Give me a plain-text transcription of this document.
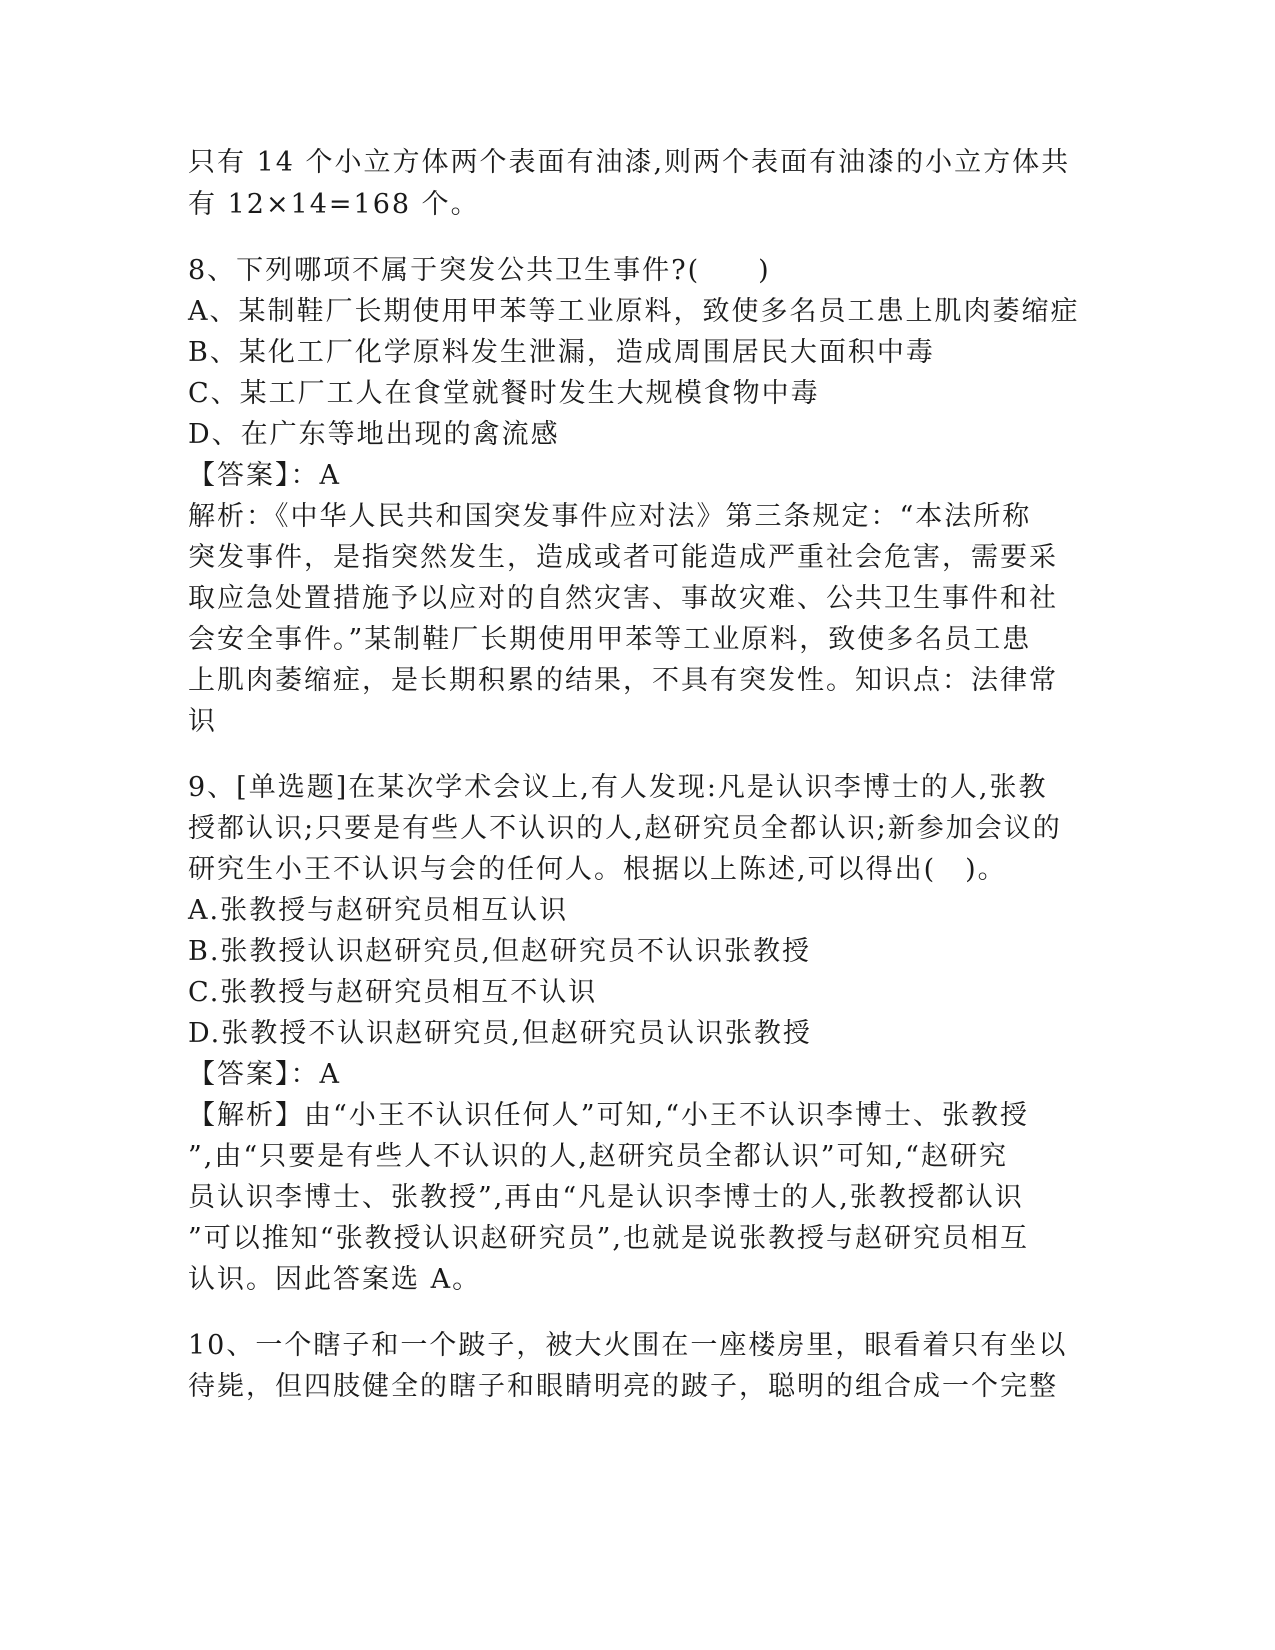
只有 14 个小立方体两个表面有油漆,则两个表面有油漆的小立方体共
有 12×14=168 个。
8、下列哪项不属于突发公共卫生事件?(　　)
A、某制鞋厂长期使用甲苯等工业原料，致使多名员工患上肌肉萎缩症
B、某化工厂化学原料发生泄漏，造成周围居民大面积中毒
C、某工厂工人在食堂就餐时发生大规模食物中毒
D、在广东等地出现的禽流感
【答案】：A
解析：《中华人民共和国突发事件应对法》第三条规定：“本法所称
突发事件，是指突然发生，造成或者可能造成严重社会危害，需要采
取应急处置措施予以应对的自然灾害、事故灾难、公共卫生事件和社
会安全事件。”某制鞋厂长期使用甲苯等工业原料，致使多名员工患
上肌肉萎缩症，是长期积累的结果，不具有突发性。知识点：法律常
识
9、[单选题]在某次学术会议上,有人发现:凡是认识李博士的人,张教
授都认识;只要是有些人不认识的人,赵研究员全都认识;新参加会议的
研究生小王不认识与会的任何人。根据以上陈述,可以得出(　)。
A.张教授与赵研究员相互认识
B.张教授认识赵研究员,但赵研究员不认识张教授
C.张教授与赵研究员相互不认识
D.张教授不认识赵研究员,但赵研究员认识张教授
【答案】：A
【解析】由“小王不认识任何人”可知,“小王不认识李博士、张教授
”,由“只要是有些人不认识的人,赵研究员全都认识”可知,“赵研究
员认识李博士、张教授”,再由“凡是认识李博士的人,张教授都认识
”可以推知“张教授认识赵研究员”,也就是说张教授与赵研究员相互
认识。因此答案选 A。
10、一个瞎子和一个跛子，被大火围在一座楼房里，眼看着只有坐以
待毙，但四肢健全的瞎子和眼睛明亮的跛子，聪明的组合成一个完整
